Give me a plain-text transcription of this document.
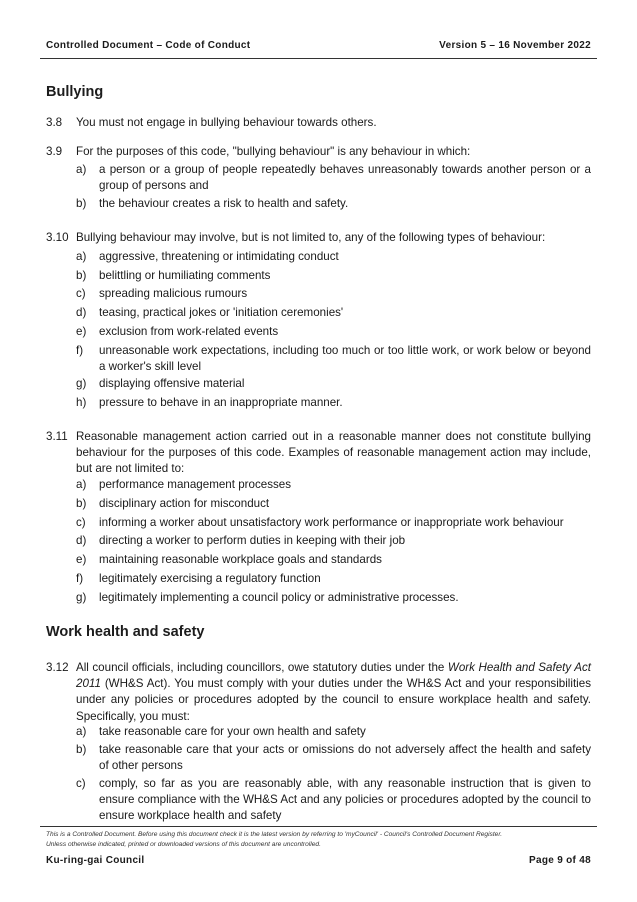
Controlled Document – Code of Conduct	Version 5 – 16 November 2022
Bullying
3.8 You must not engage in bullying behaviour towards others.
3.9 For the purposes of this code, "bullying behaviour" is any behaviour in which:
a) a person or a group of people repeatedly behaves unreasonably towards another person or a group of persons and
b) the behaviour creates a risk to health and safety.
3.10 Bullying behaviour may involve, but is not limited to, any of the following types of behaviour:
a) aggressive, threatening or intimidating conduct
b) belittling or humiliating comments
c) spreading malicious rumours
d) teasing, practical jokes or 'initiation ceremonies'
e) exclusion from work-related events
f) unreasonable work expectations, including too much or too little work, or work below or beyond a worker's skill level
g) displaying offensive material
h) pressure to behave in an inappropriate manner.
3.11 Reasonable management action carried out in a reasonable manner does not constitute bullying behaviour for the purposes of this code. Examples of reasonable management action may include, but are not limited to:
a) performance management processes
b) disciplinary action for misconduct
c) informing a worker about unsatisfactory work performance or inappropriate work behaviour
d) directing a worker to perform duties in keeping with their job
e) maintaining reasonable workplace goals and standards
f) legitimately exercising a regulatory function
g) legitimately implementing a council policy or administrative processes.
Work health and safety
3.12 All council officials, including councillors, owe statutory duties under the Work Health and Safety Act 2011 (WH&S Act). You must comply with your duties under the WH&S Act and your responsibilities under any policies or procedures adopted by the council to ensure workplace health and safety. Specifically, you must:
a) take reasonable care for your own health and safety
b) take reasonable care that your acts or omissions do not adversely affect the health and safety of other persons
c) comply, so far as you are reasonably able, with any reasonable instruction that is given to ensure compliance with the WH&S Act and any policies or procedures adopted by the council to ensure workplace health and safety
This is a Controlled Document. Before using this document check it is the latest version by referring to 'myCouncil' - Council's Controlled Document Register.
Unless otherwise indicated, printed or downloaded versions of this document are uncontrolled.
Ku-ring-gai Council	Page 9 of 48
